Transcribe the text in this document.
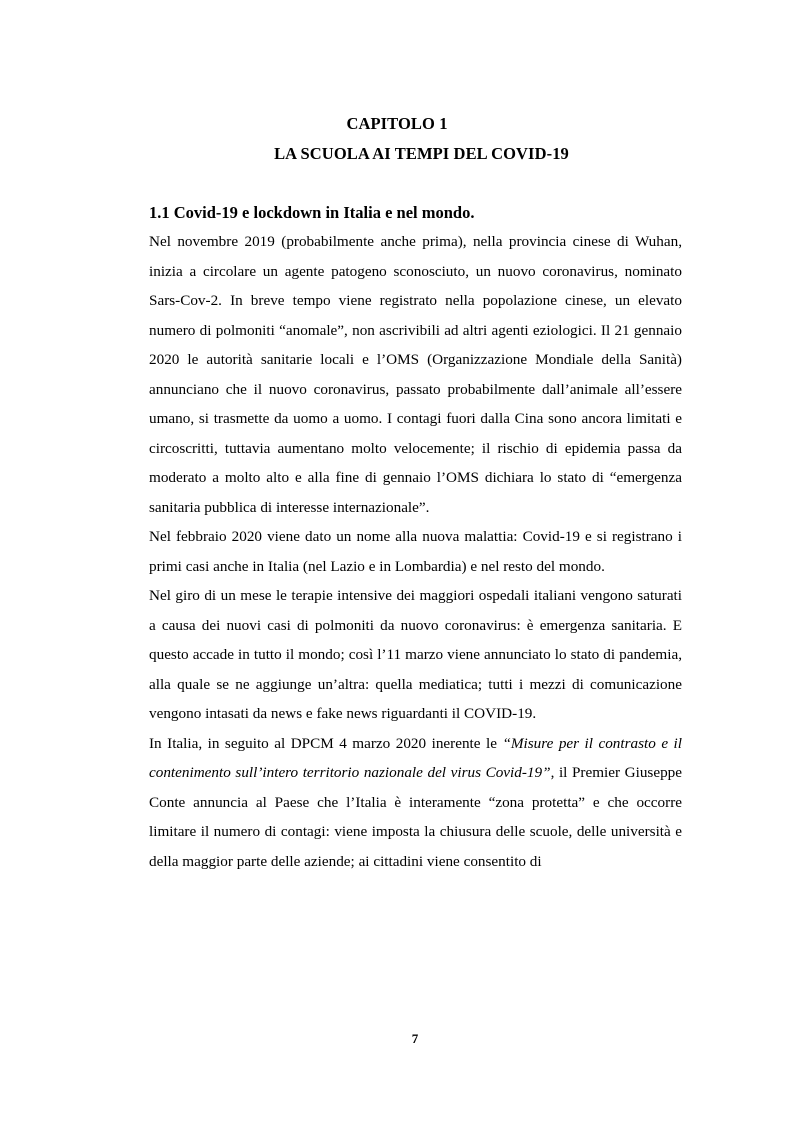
CAPITOLO 1
LA SCUOLA AI TEMPI DEL COVID-19
1.1 Covid-19 e lockdown in Italia e nel mondo.

Nel novembre 2019 (probabilmente anche prima), nella provincia cinese di Wuhan, inizia a circolare un agente patogeno sconosciuto, un nuovo coronavirus, nominato Sars-Cov-2. In breve tempo viene registrato nella popolazione cinese, un elevato numero di polmoniti “anomale”, non ascrivibili ad altri agenti eziologici. Il 21 gennaio 2020 le autorità sanitarie locali e l’OMS (Organizzazione Mondiale della Sanità) annunciano che il nuovo coronavirus, passato probabilmente dall’animale all’essere umano, si trasmette da uomo a uomo. I contagi fuori dalla Cina sono ancora limitati e circoscritti, tuttavia aumentano molto velocemente; il rischio di epidemia passa da moderato a molto alto e alla fine di gennaio l’OMS dichiara lo stato di “emergenza sanitaria pubblica di interesse internazionale”.

Nel febbraio 2020 viene dato un nome alla nuova malattia: Covid-19 e si registrano i primi casi anche in Italia (nel Lazio e in Lombardia) e nel resto del mondo.

Nel giro di un mese le terapie intensive dei maggiori ospedali italiani vengono saturati a causa dei nuovi casi di polmoniti da nuovo coronavirus: è emergenza sanitaria. E questo accade in tutto il mondo; così l’11 marzo viene annunciato lo stato di pandemia, alla quale se ne aggiunge un’altra: quella mediatica; tutti i mezzi di comunicazione vengono intasati da news e fake news riguardanti il COVID-19.

In Italia, in seguito al DPCM 4 marzo 2020 inerente le “Misure per il contrasto e il contenimento sull’intero territorio nazionale del virus Covid-19”, il Premier Giuseppe Conte annuncia al Paese che l’Italia è interamente “zona protetta” e che occorre limitare il numero di contagi: viene imposta la chiusura delle scuole, delle università e della maggior parte delle aziende; ai cittadini viene consentito di

7
